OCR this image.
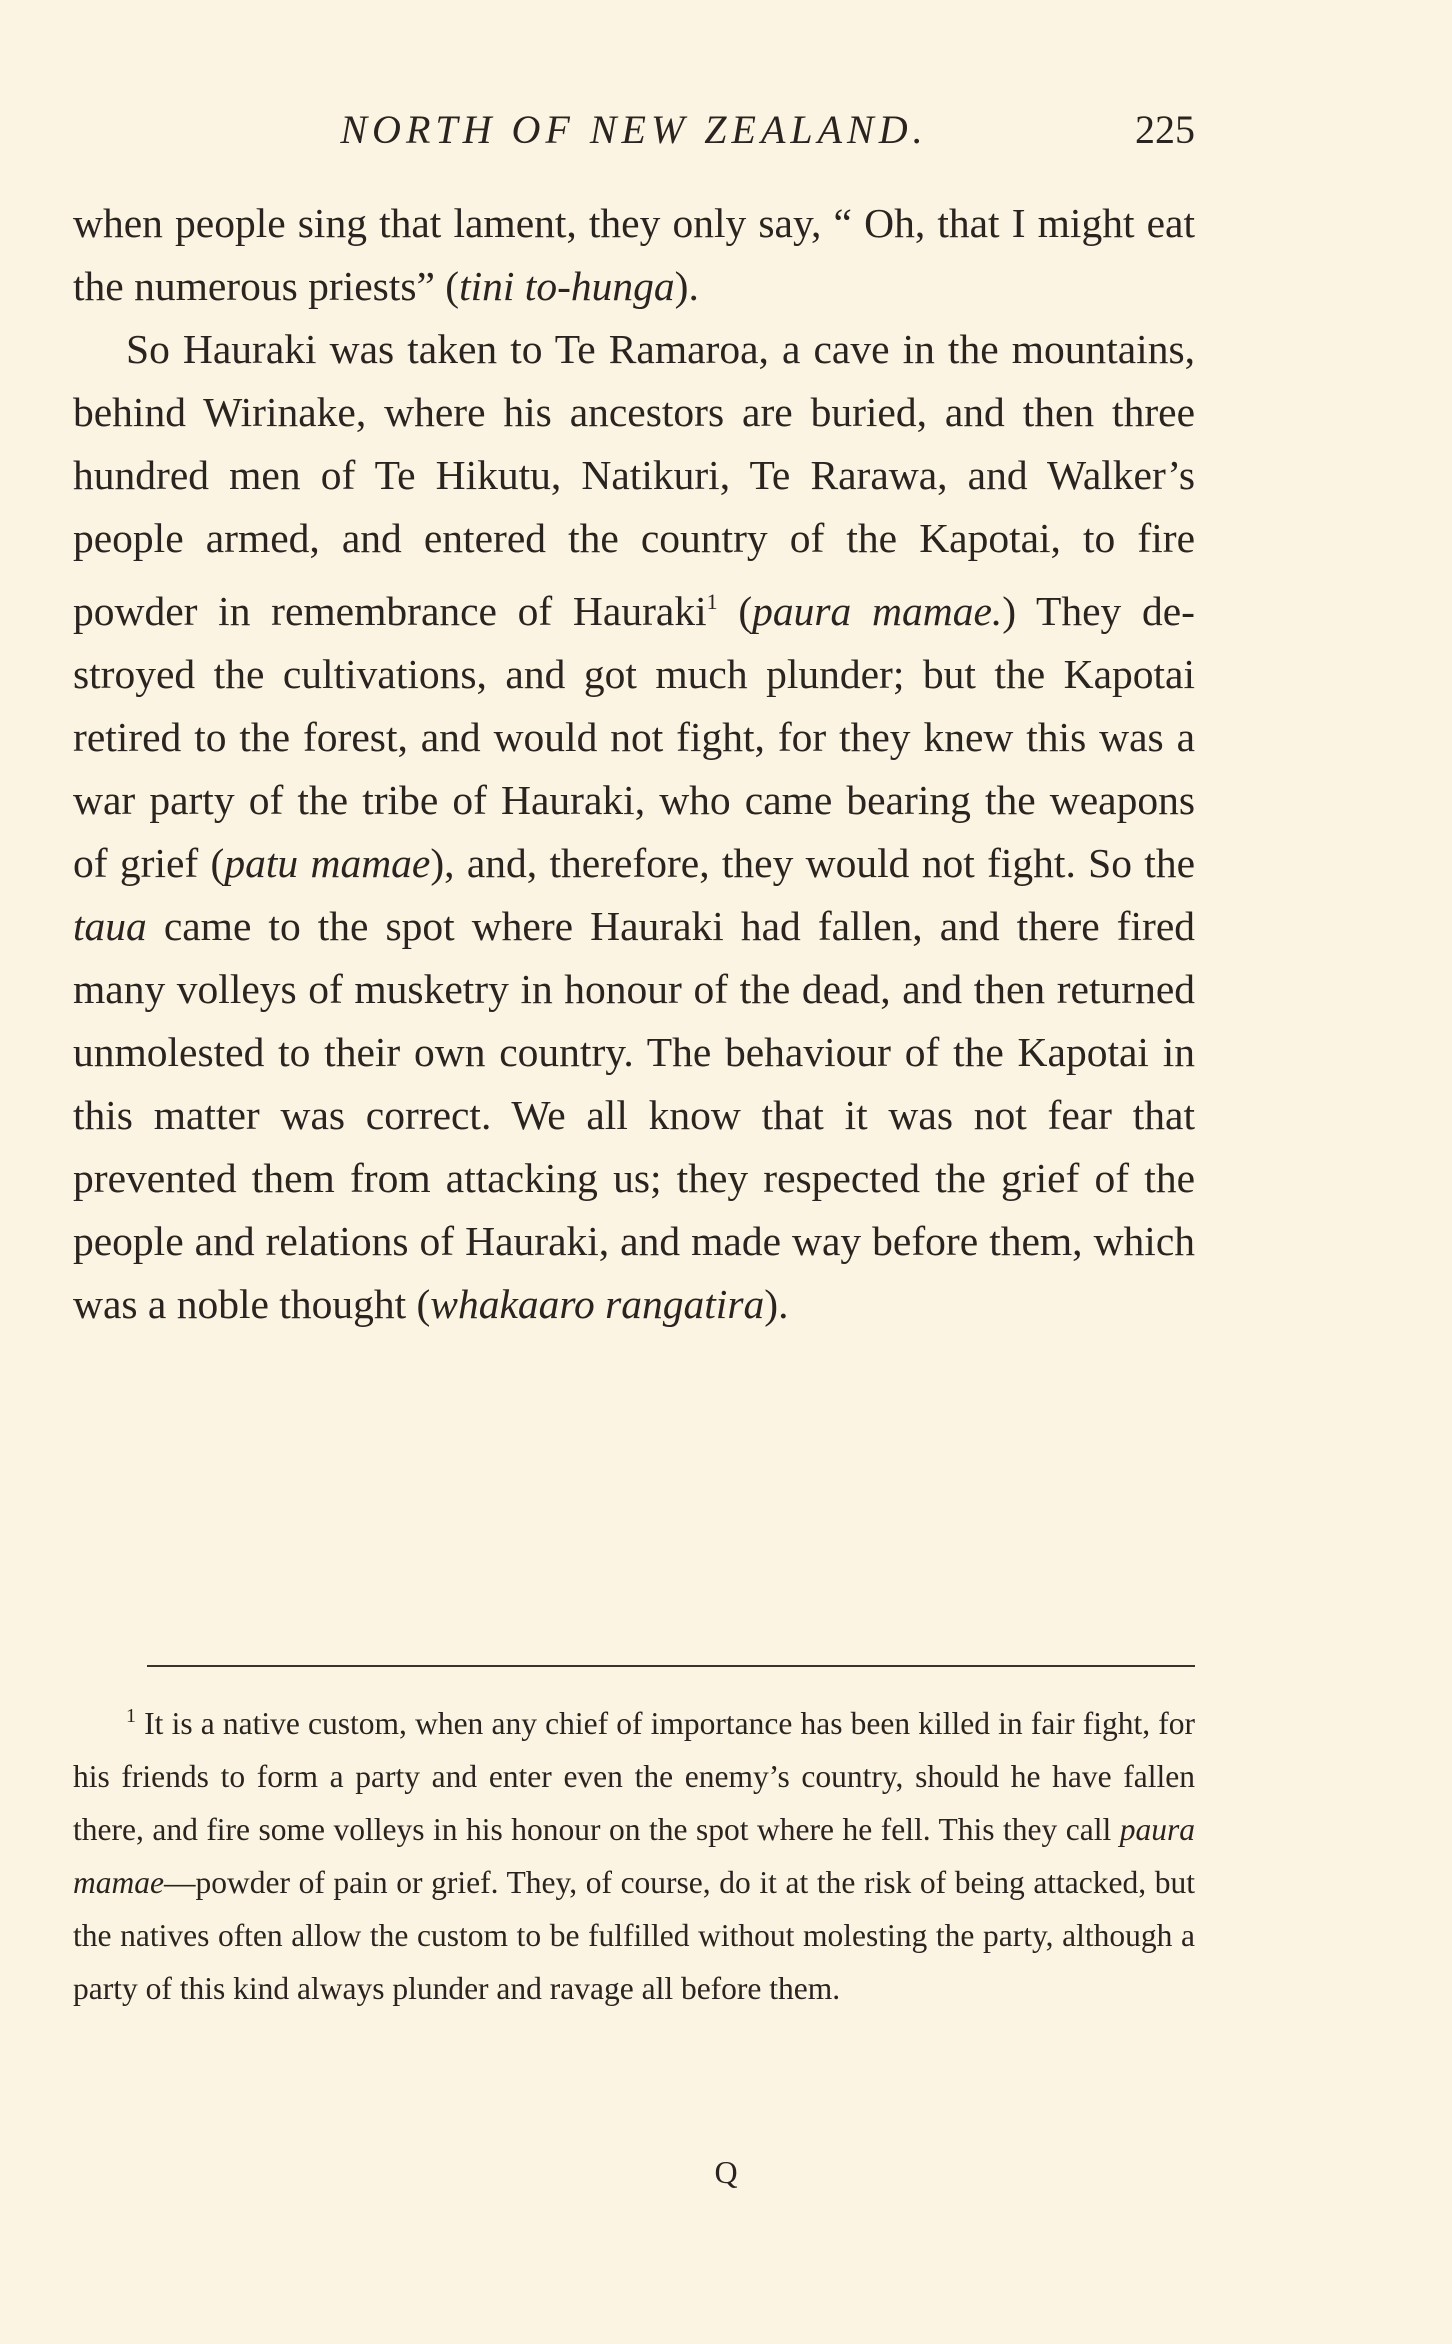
NORTH OF NEW ZEALAND.	225

when people sing that lament, they only say, “ Oh, that I might eat the numerous priests” (tini to-hunga).

So Hauraki was taken to Te Ramaroa, a cave in the mountains, behind Wirinake, where his ancestors are buried, and then three hundred men of Te Hikutu, Natikuri, Te Rarawa, and Walker’s people armed, and entered the country of the Kapotai, to fire powder in remembrance of Hauraki$^1$ (paura mamae.) They de-stroyed the cultivations, and got much plunder; but the Kapotai retired to the forest, and would not fight, for they knew this was a war party of the tribe of Hauraki, who came bearing the weapons of grief (patu mamae), and, therefore, they would not fight. So the taua came to the spot where Hauraki had fallen, and there fired many volleys of musketry in honour of the dead, and then returned unmolested to their own country. The behaviour of the Kapotai in this matter was correct. We all know that it was not fear that prevented them from attacking us; they respected the grief of the people and relations of Hauraki, and made way before them, which was a noble thought (whakaaro rangatira).

$^1$ It is a native custom, when any chief of importance has been killed in fair fight, for his friends to form a party and enter even the enemy’s country, should he have fallen there, and fire some volleys in his honour on the spot where he fell. This they call paura mamae—powder of pain or grief. They, of course, do it at the risk of being attacked, but the natives often allow the custom to be fulfilled without molesting the party, although a party of this kind always plunder and ravage all before them.

Q
